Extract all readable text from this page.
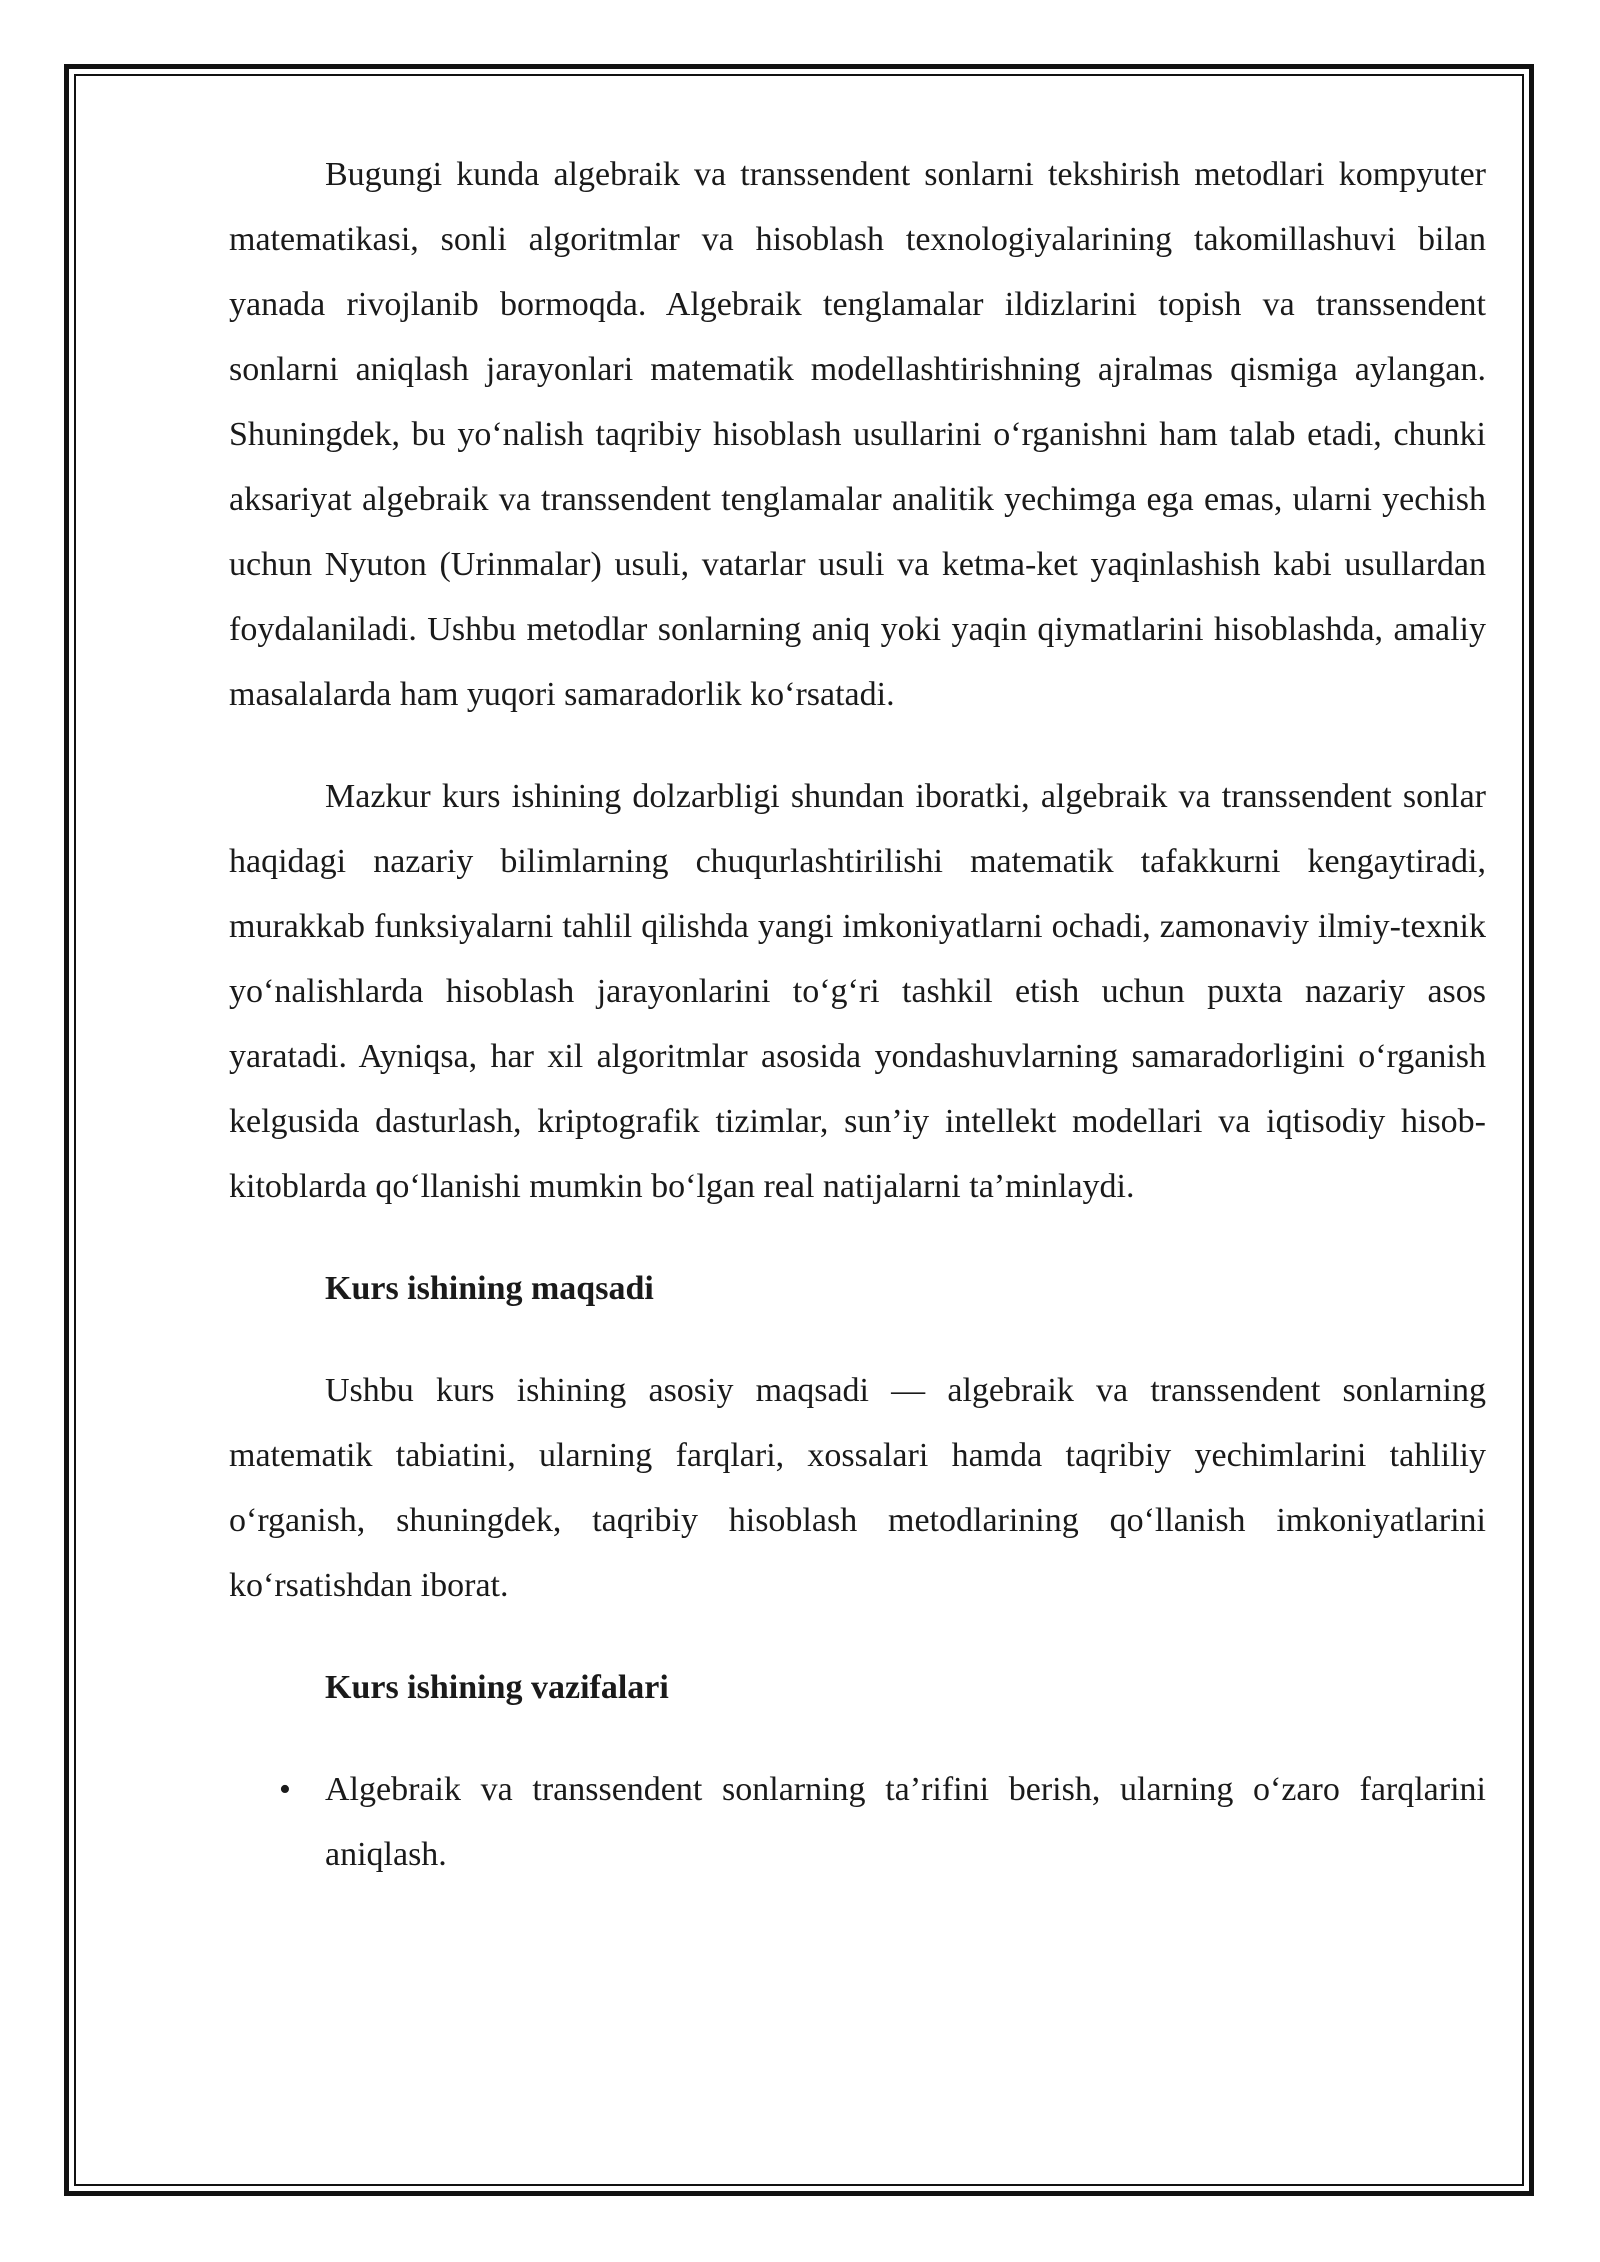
Bugungi kunda algebraik va transsendent sonlarni tekshirish metodlari kompyuter matematikasi, sonli algoritmlar va hisoblash texnologiyalarining takomillashuvi bilan yanada rivojlanib bormoqda. Algebraik tenglamalar ildizlarini topish va transsendent sonlarni aniqlash jarayonlari matematik modellashtirishning ajralmas qismiga aylangan. Shuningdek, bu yo‘nalish taqribiy hisoblash usullarini o‘rganishni ham talab etadi, chunki aksariyat algebraik va transsendent tenglamalar analitik yechimga ega emas, ularni yechish uchun Nyuton (Urinmalar) usuli, vatarlar usuli va ketma-ket yaqinlashish kabi usullardan foydalaniladi. Ushbu metodlar sonlarning aniq yoki yaqin qiymatlarini hisoblashda, amaliy masalalarda ham yuqori samaradorlik ko‘rsatadi.

Mazkur kurs ishining dolzarbligi shundan iboratki, algebraik va transsendent sonlar haqidagi nazariy bilimlarning chuqurlashtirilishi matematik tafakkurni kengaytiradi, murakkab funksiyalarni tahlil qilishda yangi imkoniyatlarni ochadi, zamonaviy ilmiy-texnik yo‘nalishlarda hisoblash jarayonlarini to‘g‘ri tashkil etish uchun puxta nazariy asos yaratadi. Ayniqsa, har xil algoritmlar asosida yondashuvlarning samaradorligini o‘rganish kelgusida dasturlash, kriptografik tizimlar, sun’iy intellekt modellari va iqtisodiy hisob-kitoblarda qo‘llanishi mumkin bo‘lgan real natijalarni ta’minlaydi.

Kurs ishining maqsadi

Ushbu kurs ishining asosiy maqsadi — algebraik va transsendent sonlarning matematik tabiatini, ularning farqlari, xossalari hamda taqribiy yechimlarini tahliliy o‘rganish, shuningdek, taqribiy hisoblash metodlarining qo‘llanish imkoniyatlarini ko‘rsatishdan iborat.

Kurs ishining vazifalari
• Algebraik va transsendent sonlarning ta’rifini berish, ularning o‘zaro farqlarini aniqlash.
